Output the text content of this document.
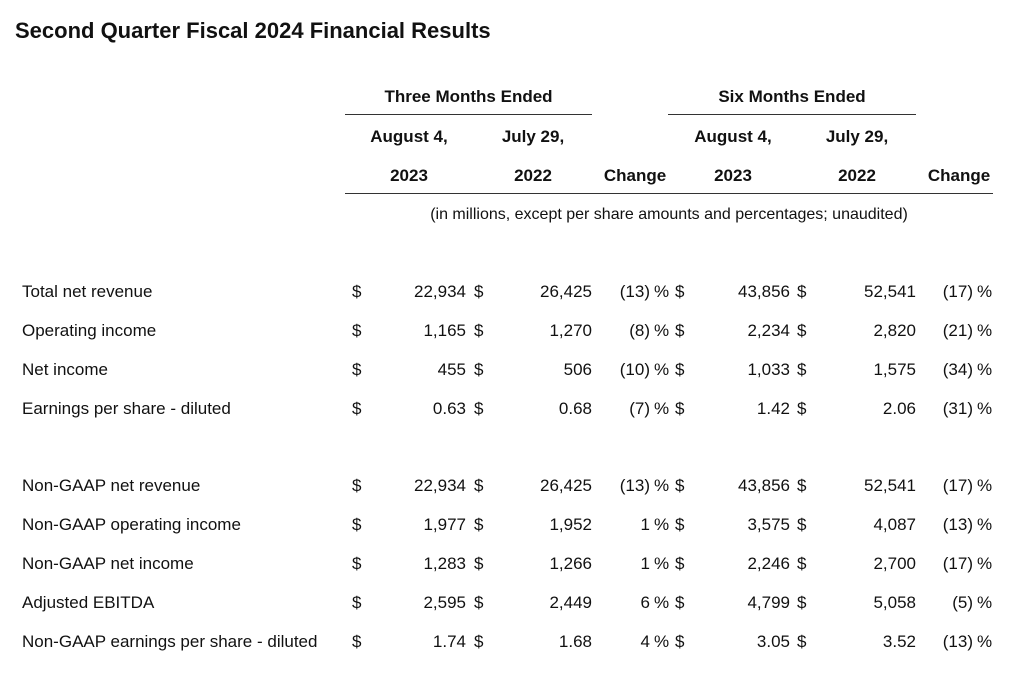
Second Quarter Fiscal 2024 Financial Results
Three Months Ended	Six Months Ended
August 4,
2023
July 29,
2022	Change
August 4,
2023
July 29,
2022	Change
(in millions, except per share amounts and percentages; unaudited)
Total net revenue	$	22,934 $	26,425	(13) % $	43,856 $	52,541	(17) %
Operating income	$	1,165 $	1,270	(8) % $	2,234 $	2,820	(21) %
Net income	$	455 $	506	(10) % $	1,033 $	1,575	(34) %
Earnings per share - diluted	$	0.63 $	0.68	(7) % $	1.42 $	2.06	(31) %
Non-GAAP net revenue	$	22,934 $	26,425	(13) % $	43,856 $	52,541	(17) %
Non-GAAP operating income	$	1,977 $	1,952	1 % $	3,575 $	4,087	(13) %
Non-GAAP net income	$	1,283 $	1,266	1 % $	2,246 $	2,700	(17) %
Adjusted EBITDA	$	2,595 $	2,449	6 % $	4,799 $	5,058	(5) %
Non-GAAP earnings per share - diluted $	1.74 $	1.68	4 % $	3.05 $	3.52	(13) %
